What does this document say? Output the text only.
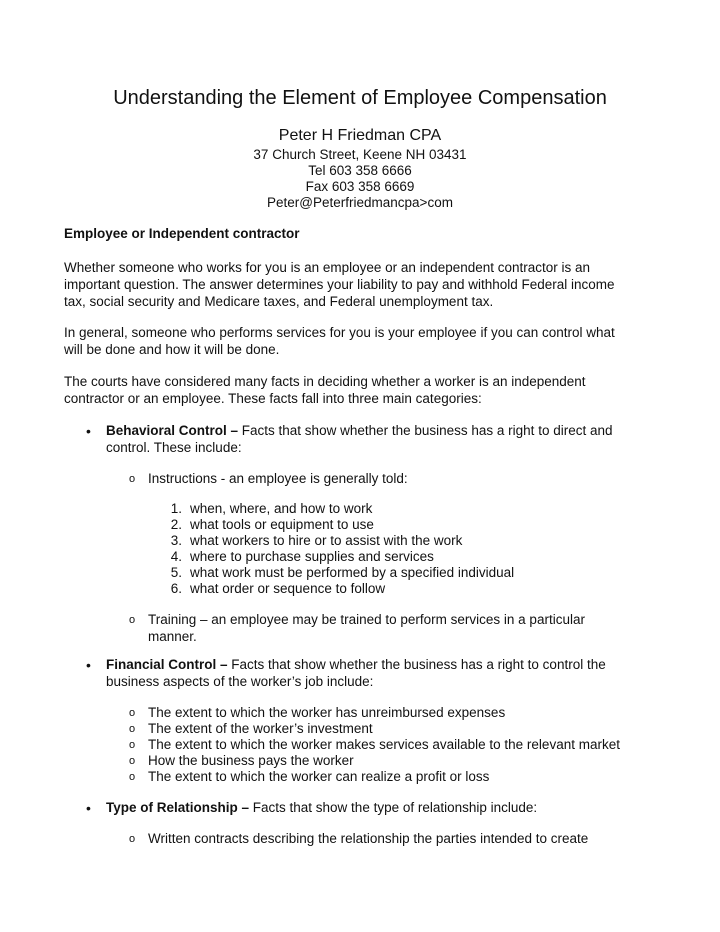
Understanding the Element of Employee Compensation
Peter H Friedman CPA
37 Church Street, Keene NH 03431
Tel 603 358 6666
Fax 603 358 6669
Peter@Peterfriedmancpa>com
Employee or Independent contractor
Whether someone who works for you is an employee or an independent contractor is an
important question. The answer determines your liability to pay and withhold Federal income
tax, social security and Medicare taxes, and Federal unemployment tax.
In general, someone who performs services for you is your employee if you can control what
will be done and how it will be done.
The courts have considered many facts in deciding whether a worker is an independent
contractor or an employee. These facts fall into three main categories:
• Behavioral Control – Facts that show whether the business has a right to direct and
control. These include:
o Instructions - an employee is generally told:
1. when, where, and how to work
2. what tools or equipment to use
3. what workers to hire or to assist with the work
4. where to purchase supplies and services
5. what work must be performed by a specified individual
6. what order or sequence to follow
o Training – an employee may be trained to perform services in a particular
manner.
• Financial Control – Facts that show whether the business has a right to control the
business aspects of the worker’s job include:
o The extent to which the worker has unreimbursed expenses
o The extent of the worker’s investment
o The extent to which the worker makes services available to the relevant market
o How the business pays the worker
o The extent to which the worker can realize a profit or loss
• Type of Relationship – Facts that show the type of relationship include:
o Written contracts describing the relationship the parties intended to create
